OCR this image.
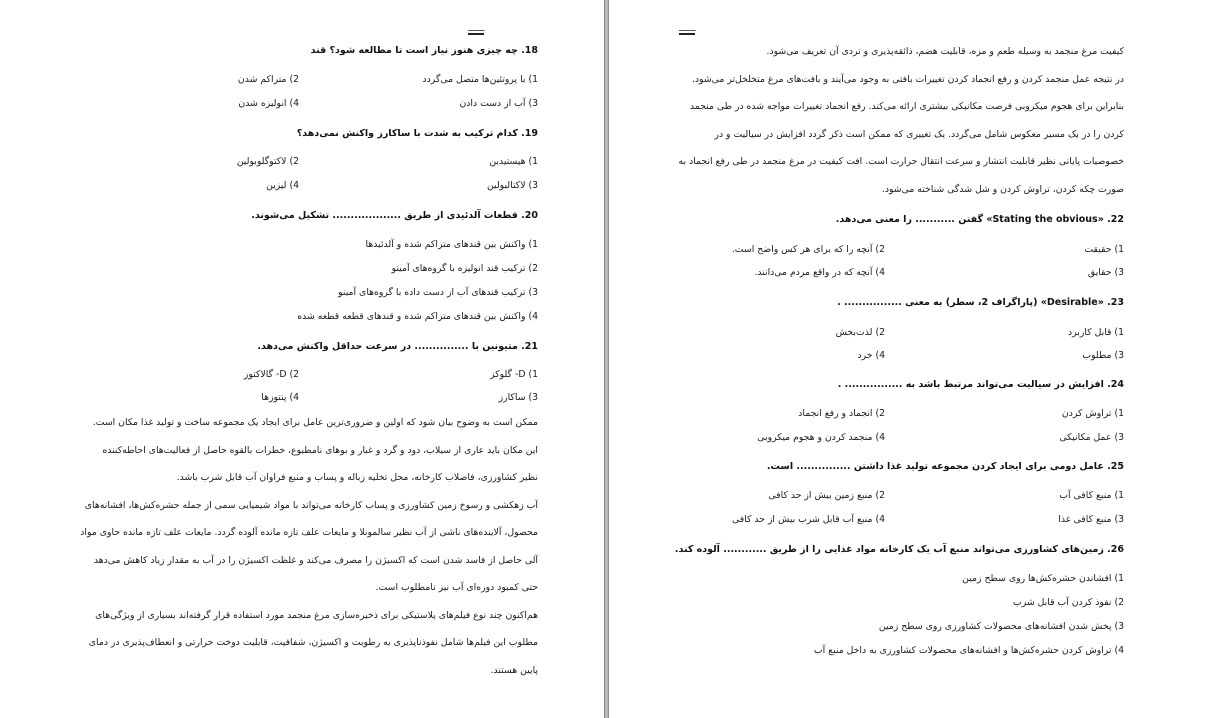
ـــــــ
18. چه چیزی هنوز نیاز است تا مطالعه شود؟ قند
1) با پروتئین‌ها متصل می‌گردد
2) متراکم شدن
3) آب از دست دادن
4) انولیزه شدن
19. کدام ترکیب به شدت با ساکارز واکنش نمی‌دهد؟
1) هیستیدین
2) لاکتوگلوبولین
3) لاکتالبولین
4) لیزین
20. قطعات آلدئیدی از طریق ................... تشکیل می‌شوند.
1) واکنش بین قندهای متراکم شده و آلدئیدها
2) ترکیب قند انولیزه با گروه‌های آمینو
3) ترکیب قندهای آب از دست داده با گروه‌های آمینو
4) واکنش بین قندهای متراکم شده و قندهای قطعه قطعه شده
21. متیونین با ............... در سرعت حداقل واکنش می‌دهد.
1) D- گلوکز
2) D- گالاکتوز
3) ساکارز
4) پنتوزها
ممکن است به وضوح بیان شود که اولین و ضروری‌ترین عامل برای ایجاد یک مجموعه ساخت و تولید غذا مکان است.
این مکان باید عاری از سیلاب، دود و گرد و غبار و بوهای نامطبوع، خطرات بالقوه حاصل از فعالیت‌های احاطه‌کننده
نظیر کشاورزی، فاضلاب کارخانه، محل تخلیه زباله و پساب و منبع فراوان آب قابل شرب باشد.
آب زهکشی و رسوخ زمین کشاورزی و پساب کارخانه می‌تواند با مواد شیمیایی سمی از جمله حشره‌کش‌ها، افشانه‌های
محصول، آلاینده‌های ناشی از آب نظیر سالمونلا و مایعات علف تازه مانده آلوده گردد. مایعات علف تازه مانده حاوی مواد
آلی حاصل از فاسد شدن است که اکسیژن را مصرف می‌کند و غلظت اکسیژن را در آب به مقدار زیاد کاهش می‌دهد
حتی کمبود دوره‌ای آب نیز نامطلوب است.
هم‌اکنون چند نوع فیلم‌های پلاستیکی برای ذخیره‌سازی مرغ منجمد مورد استفاده قرار گرفته‌اند بسیاری از ویژگی‌های
مطلوب این فیلم‌ها شامل نفوذناپذیری به رطوبت و اکسیژن، شفافیت، قابلیت دوخت حرارتی و انعطاف‌پذیری در دمای
پایین هستند.
ـــــــ
کیفیت مرغ منجمد به وسیله طعم و مزه، قابلیت هضم، ذائقه‌پذیری و تردی آن تعریف می‌شود.
در نتیجه عمل منجمد کردن و رفع انجماد کردن تغییرات بافتی به وجود می‌آیند و بافت‌های مرغ متخلخل‌تر می‌شود.
بنابراین برای هجوم میکروبی فرصت مکانیکی بیشتری ارائه می‌کند. رفع انجماد تغییرات مواجه شده در طی منجمد
کردن را در یک مسیر معکوس شامل می‌گردد. یک تغییری که ممکن است ذکر گردد افزایش در سیالیت و در
خصوصیات پایانی نظیر قابلیت انتشار و سرعت انتقال حرارت است. افت کیفیت در مرغ منجمد در طی رفع انجماد به
صورت چکه کردن، تراوش کردن و شل شدگی شناخته می‌شود.
22. «Stating the obvious» گفتن ........... را معنی می‌دهد.
1) حقیقت
2) آنچه را که برای هر کس واضح است.
3) حقایق
4) آنچه که در واقع مردم می‌دانند.
23. «Desirable» (پاراگراف 2، سطر) به معنی ................ .
1) قابل کاربرد
2) لذت‌بخش
3) مطلوب
4) خرد
24. افزایش در سیالیت می‌تواند مرتبط باشد به ................ .
1) تراوش کردن
2) انجماد و رفع انجماد
3) عمل مکانیکی
4) منجمد کردن و هجوم میکروبی
25. عامل دومی برای ایجاد کردن مجموعه تولید غذا داشتن ............... است.
1) منبع کافی آب
2) منبع زمین بیش از حد کافی
3) منبع کافی غذا
4) منبع آب قابل شرب بیش از حد کافی
26. زمین‌های کشاورزی می‌تواند منبع آب یک کارخانه مواد غذایی را از طریق ............ آلوده کند.
1) افشاندن حشره‌کش‌ها روی سطح زمین
2) نفوذ کردن آب قابل شرب
3) پخش شدن افشانه‌های محصولات کشاورزی روی سطح زمین
4) تراوش کردن حشره‌کش‌ها و افشانه‌های محصولات کشاورزی به داخل منبع آب
